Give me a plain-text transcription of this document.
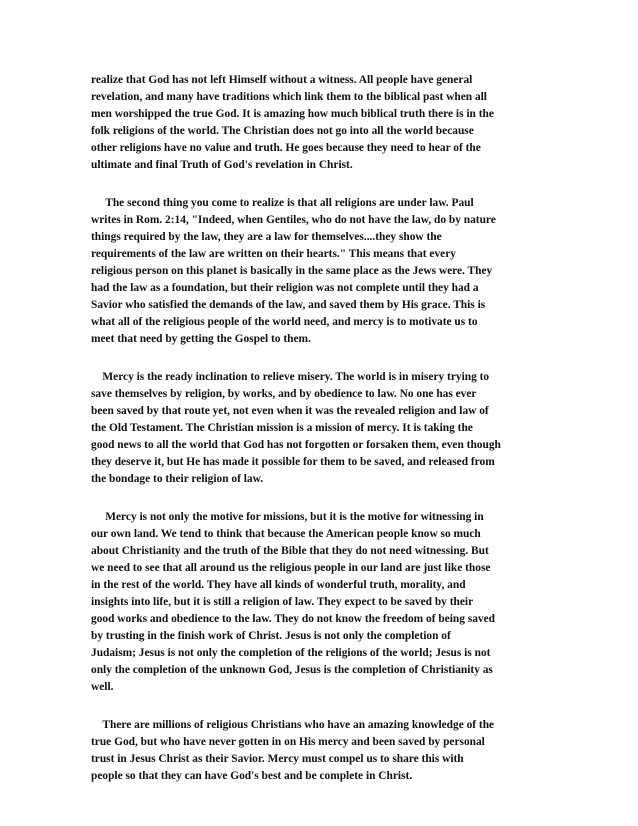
realize that God has not left Himself without a witness. All people have general
revelation, and many have traditions which link them to the biblical past when all
men worshipped the true God. It is amazing how much biblical truth there is in the
folk religions of the world. The Christian does not go into all the world because
other religions have no value and truth. He goes because they need to hear of the
ultimate and final Truth of God's revelation in Christ.

The second thing you come to realize is that all religions are under law. Paul
writes in Rom. 2:14, "Indeed, when Gentiles, who do not have the law, do by nature
things required by the law, they are a law for themselves....they show the
requirements of the law are written on their hearts." This means that every
religious person on this planet is basically in the same place as the Jews were. They
had the law as a foundation, but their religion was not complete until they had a
Savior who satisfied the demands of the law, and saved them by His grace. This is
what all of the religious people of the world need, and mercy is to motivate us to
meet that need by getting the Gospel to them.

Mercy is the ready inclination to relieve misery. The world is in misery trying to
save themselves by religion, by works, and by obedience to law. No one has ever
been saved by that route yet, not even when it was the revealed religion and law of
the Old Testament. The Christian mission is a mission of mercy. It is taking the
good news to all the world that God has not forgotten or forsaken them, even though
they deserve it, but He has made it possible for them to be saved, and released from
the bondage to their religion of law.

Mercy is not only the motive for missions, but it is the motive for witnessing in
our own land. We tend to think that because the American people know so much
about Christianity and the truth of the Bible that they do not need witnessing. But
we need to see that all around us the religious people in our land are just like those
in the rest of the world. They have all kinds of wonderful truth, morality, and
insights into life, but it is still a religion of law. They expect to be saved by their
good works and obedience to the law. They do not know the freedom of being saved
by trusting in the finish work of Christ. Jesus is not only the completion of
Judaism; Jesus is not only the completion of the religions of the world; Jesus is not
only the completion of the unknown God, Jesus is the completion of Christianity as
well.

There are millions of religious Christians who have an amazing knowledge of the
true God, but who have never gotten in on His mercy and been saved by personal
trust in Jesus Christ as their Savior. Mercy must compel us to share this with
people so that they can have God's best and be complete in Christ.
